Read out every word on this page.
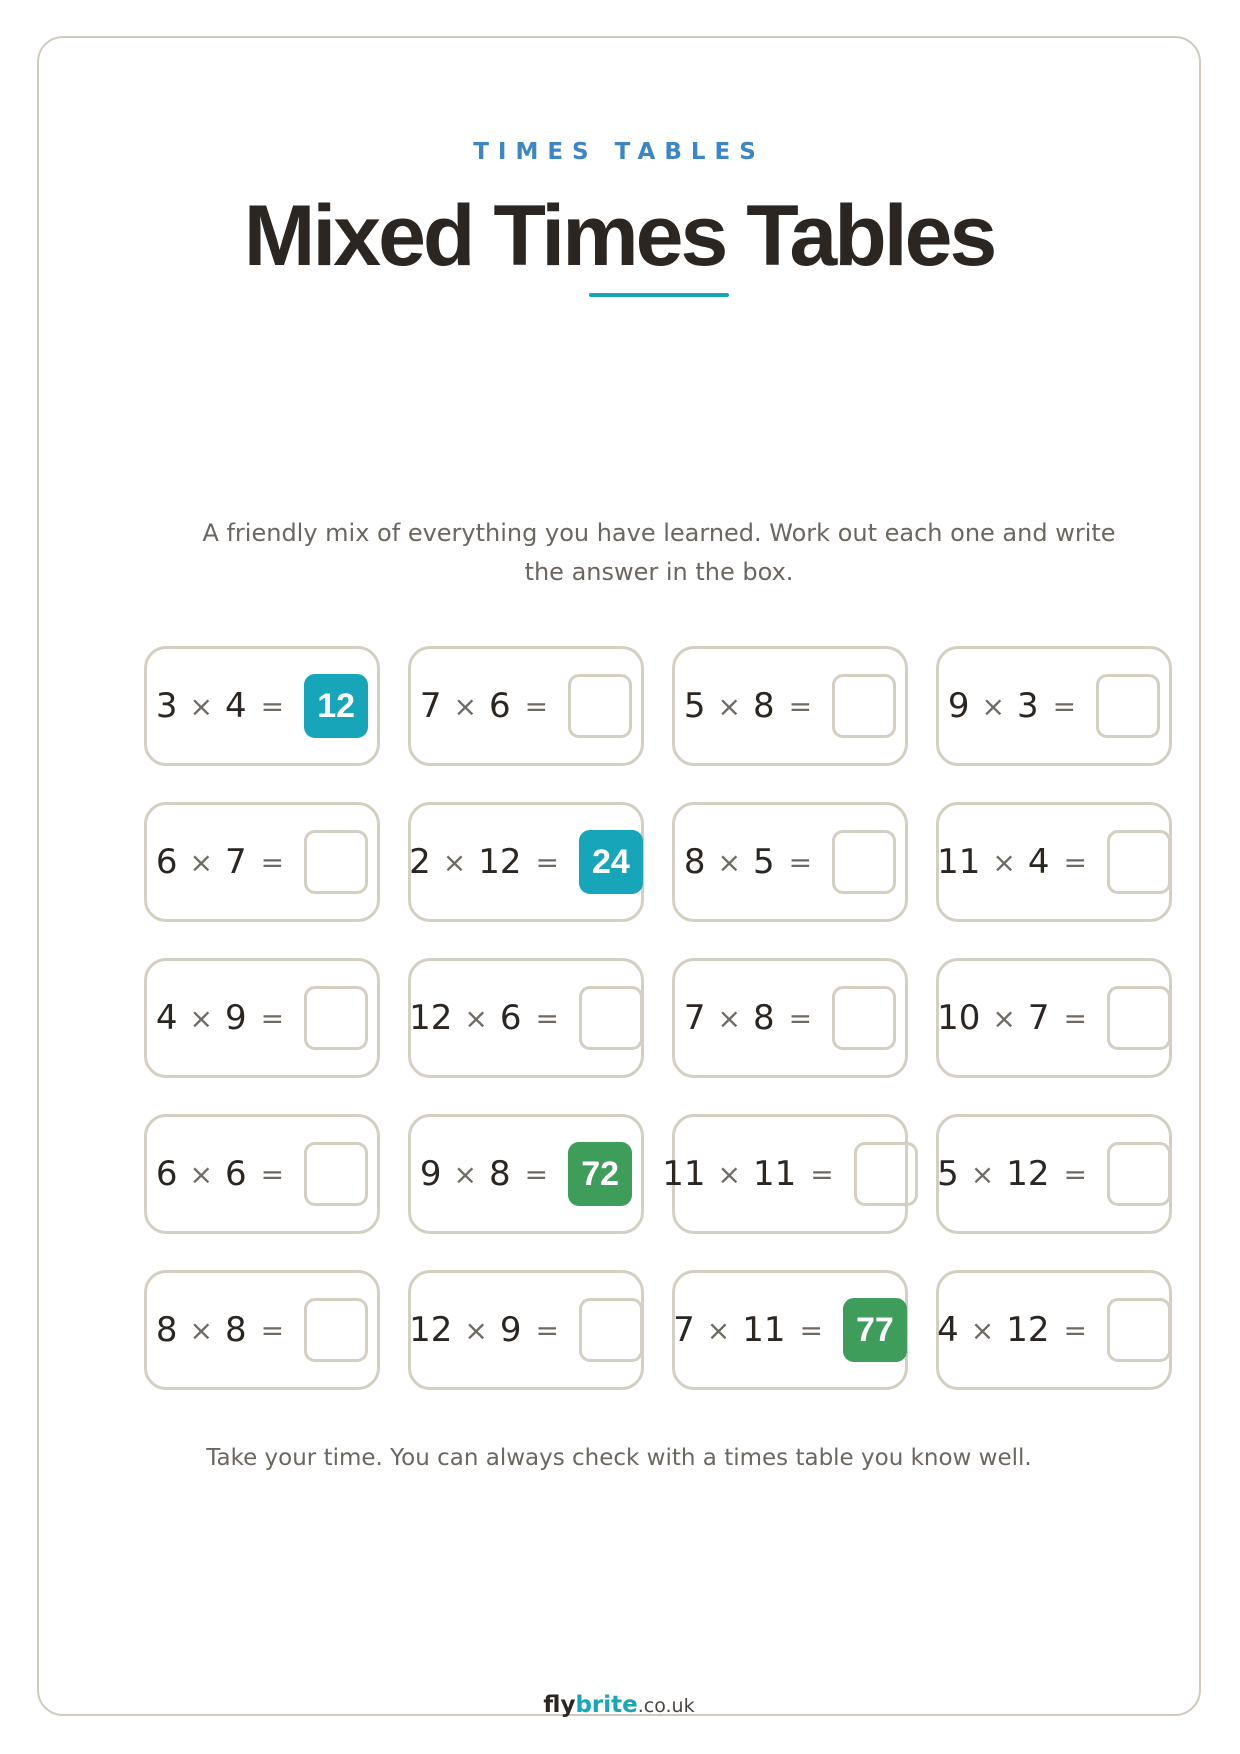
TIMES TABLES
Mixed Times Tables
A friendly mix of everything you have learned. Work out each one and write the answer in the box.
3 × 4 = 12	7 × 6 =	5 × 8 =	9 × 3 =
6 × 7 =	2 × 12 = 24	8 × 5 =	11 × 4 =
4 × 9 =	12 × 6 =	7 × 8 =	10 × 7 =
6 × 6 =	9 × 8 = 72	11 × 11 =	5 × 12 =
8 × 8 =	12 × 9 =	7 × 11 = 77	4 × 12 =
Take your time. You can always check with a times table you know well.
flybrite.co.uk
